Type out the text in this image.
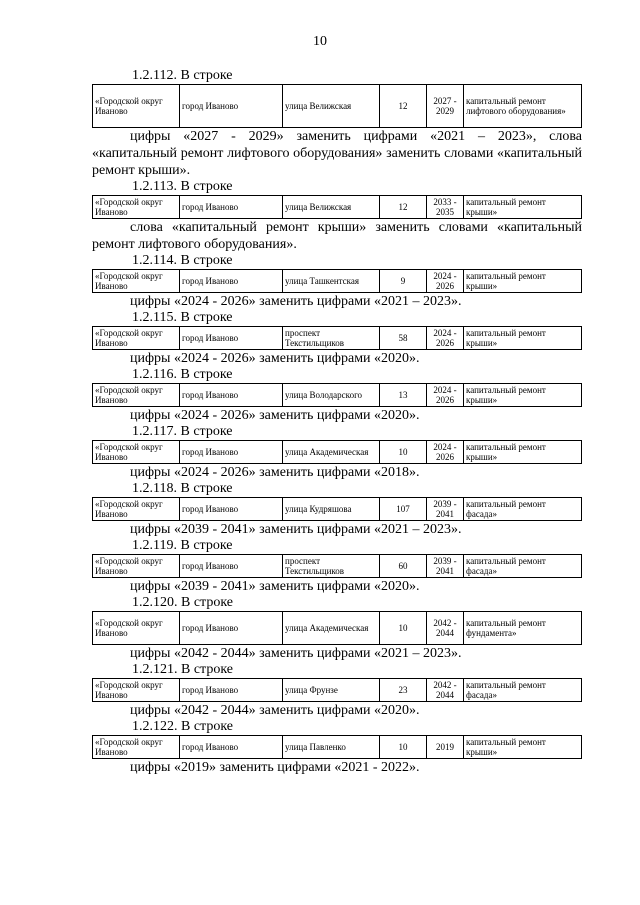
10
1.2.112. В строке
«Городской округ Иваново	город Иваново	улица Велижская	12	2027 - 2029	капитальный ремонт лифтового оборудования»
цифры «2027 - 2029» заменить цифрами «2021 – 2023», слова «капитальный ремонт лифтового оборудования» заменить словами «капитальный ремонт крыши».
1.2.113. В строке
«Городской округ Иваново	город Иваново	улица Велижская	12	2033 - 2035	капитальный ремонт крыши»
слова «капитальный ремонт крыши» заменить словами «капитальный ремонт лифтового оборудования».
1.2.114. В строке
«Городской округ Иваново	город Иваново	улица Ташкентская	9	2024 - 2026	капитальный ремонт крыши»
цифры «2024 - 2026» заменить цифрами «2021 – 2023».
1.2.115. В строке
«Городской округ Иваново	город Иваново	проспект Текстильщиков	58	2024 - 2026	капитальный ремонт крыши»
цифры «2024 - 2026» заменить цифрами «2020».
1.2.116. В строке
«Городской округ Иваново	город Иваново	улица Володарского	13	2024 - 2026	капитальный ремонт крыши»
цифры «2024 - 2026» заменить цифрами «2020».
1.2.117. В строке
«Городской округ Иваново	город Иваново	улица Академическая	10	2024 - 2026	капитальный ремонт крыши»
цифры «2024 - 2026» заменить цифрами «2018».
1.2.118. В строке
«Городской округ Иваново	город Иваново	улица Кудряшова	107	2039 - 2041	капитальный ремонт фасада»
цифры «2039 - 2041» заменить цифрами «2021 – 2023».
1.2.119. В строке
«Городской округ Иваново	город Иваново	проспект Текстильщиков	60	2039 - 2041	капитальный ремонт фасада»
цифры «2039 - 2041» заменить цифрами «2020».
1.2.120. В строке
«Городской округ Иваново	город Иваново	улица Академическая	10	2042 - 2044	капитальный ремонт фундамента»
цифры «2042 - 2044» заменить цифрами «2021 – 2023».
1.2.121. В строке
«Городской округ Иваново	город Иваново	улица Фрунзе	23	2042 - 2044	капитальный ремонт фасада»
цифры «2042 - 2044» заменить цифрами «2020».
1.2.122. В строке
«Городской округ Иваново	город Иваново	улица Павленко	10	2019	капитальный ремонт крыши»
цифры «2019» заменить цифрами «2021 - 2022».
